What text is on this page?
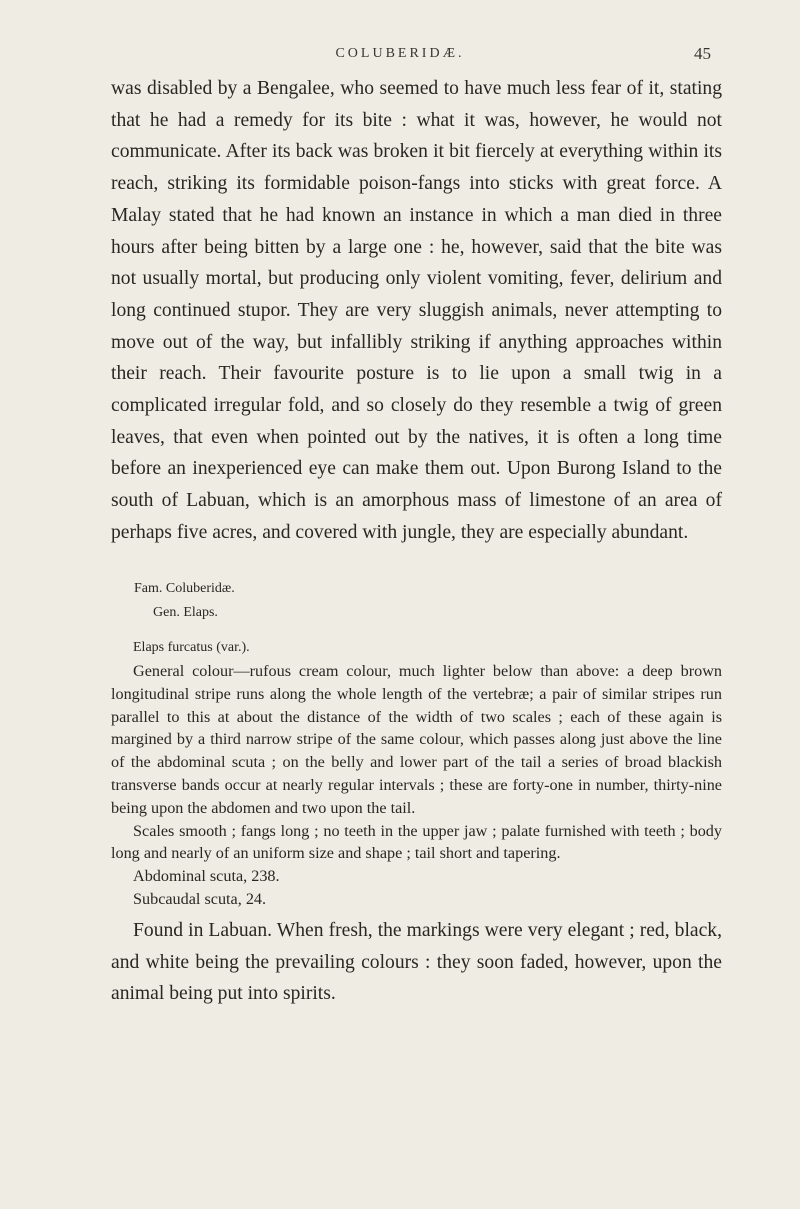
COLUBERIDÆ.	45

was disabled by a Bengalee, who seemed to have much less fear of it, stating that he had a remedy for its bite : what it was, however, he would not communicate. After its back was broken it bit fiercely at everything within its reach, striking its formidable poison-fangs into sticks with great force. A Malay stated that he had known an instance in which a man died in three hours after being bitten by a large one : he, however, said that the bite was not usually mortal, but producing only violent vomiting, fever, delirium and long continued stupor. They are very sluggish animals, never attempting to move out of the way, but infallibly striking if anything approaches within their reach. Their favourite posture is to lie upon a small twig in a complicated irregular fold, and so closely do they resemble a twig of green leaves, that even when pointed out by the natives, it is often a long time before an inexperienced eye can make them out. Upon Burong Island to the south of Labuan, which is an amorphous mass of limestone of an area of perhaps five acres, and covered with jungle, they are especially abundant.

Fam. Coluberidæ.

Gen. Elaps.

Elaps furcatus (var.).

General colour—rufous cream colour, much lighter below than above: a deep brown longitudinal stripe runs along the whole length of the vertebræ; a pair of similar stripes run parallel to this at about the distance of the width of two scales ; each of these again is margined by a third narrow stripe of the same colour, which passes along just above the line of the abdominal scuta ; on the belly and lower part of the tail a series of broad blackish transverse bands occur at nearly regular intervals ; these are forty-one in number, thirty-nine being upon the abdomen and two upon the tail.

Scales smooth ; fangs long ; no teeth in the upper jaw ; palate furnished with teeth ; body long and nearly of an uniform size and shape ; tail short and tapering.

Abdominal scuta, 238.

Subcaudal scuta, 24.

Found in Labuan. When fresh, the markings were very elegant ; red, black, and white being the prevailing colours : they soon faded, however, upon the animal being put into spirits.
